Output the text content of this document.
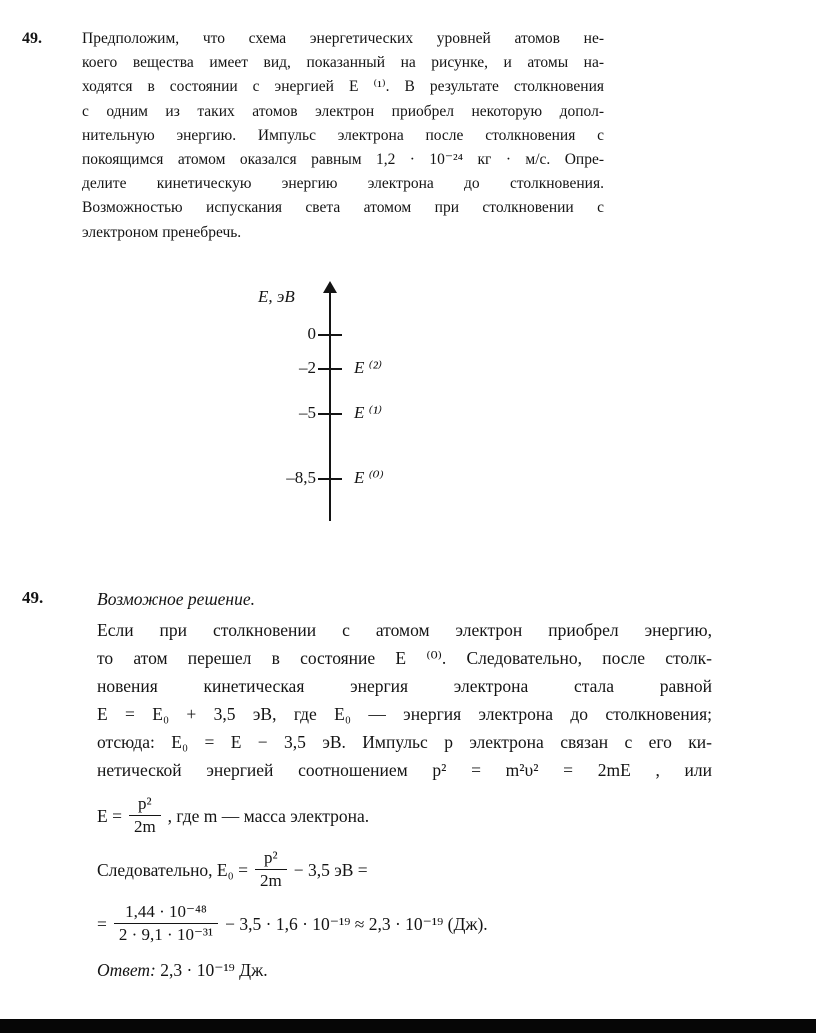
49.	Предположим, что схема энергетических уровней атомов не-
коего вещества имеет вид, показанный на рисунке, и атомы на-
ходятся в состоянии с энергией E ⁽¹⁾. В результате столкновения
с одним из таких атомов электрон приобрел некоторую допол-
нительную энергию. Импульс электрона после столкновения с
покоящимся атомом оказался равным 1,2 · 10⁻²⁴ кг · м/с. Опре-
делите кинетическую энергию электрона до столкновения.
Возможностью испускания света атомом при столкновении с
электроном пренебречь.
E, эВ
0
–2 E ⁽²⁾
–5 E ⁽¹⁾
–8,5 E ⁽⁰⁾
49.	Возможное решение.
Если при столкновении с атомом электрон приобрел энергию,
то атом перешел в состояние E ⁽⁰⁾. Следовательно, после столк-
новения кинетическая энергия электрона стала равной
E = E₀ + 3,5 эВ, где E₀ — энергия электрона до столкновения;
отсюда: E₀ = E − 3,5 эВ. Импульс p электрона связан с его ки-
нетической энергией соотношением p² = m²υ² = 2mE , или
$E = \frac{\text{p²}}{2m}$ , где m — масса электрона.
Следовательно, $E_0 = \frac{\text{p²}}{2m} - 3,5$ эВ =
= $\frac{\text{1,44 · 10⁻⁴⁸}}{\text{2 · 9,1 · 10⁻³¹}} - 3,5 \cdot 1,6 \cdot 10^{-19} \approx 2,3 \cdot 10^{-19}$ (Дж).
Ответ: 2,3 · 10⁻¹⁹ Дж.
